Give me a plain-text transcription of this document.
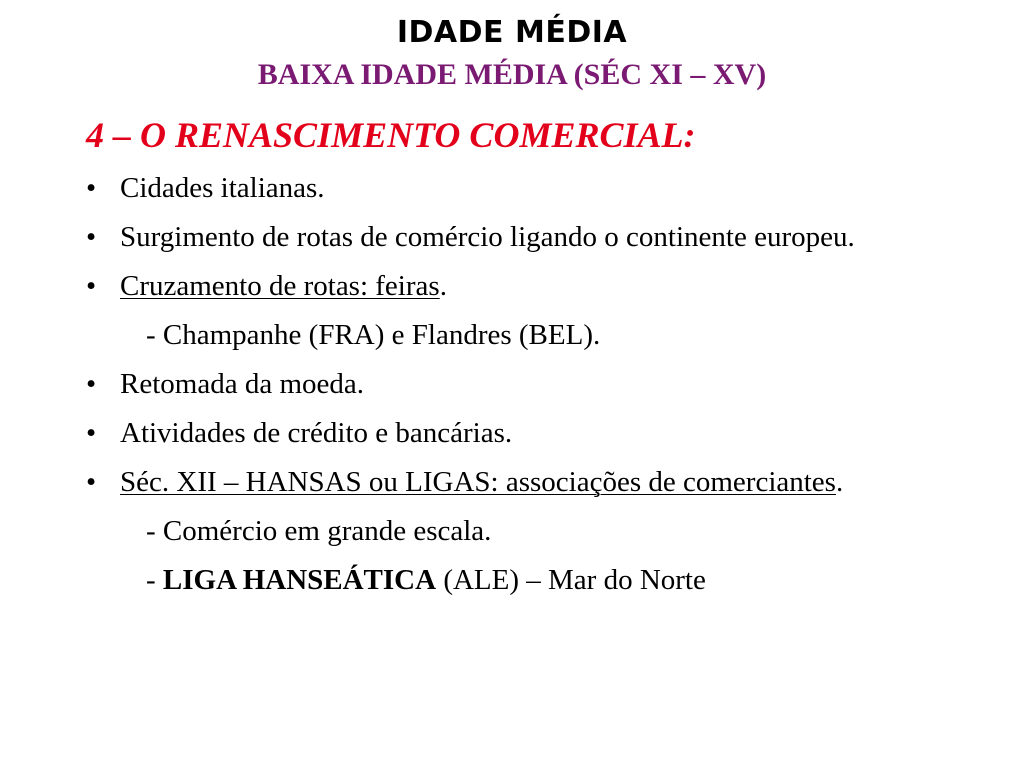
IDADE MÉDIA
BAIXA IDADE MÉDIA (SÉC XI – XV)
4 – O RENASCIMENTO COMERCIAL:
• Cidades italianas.
• Surgimento de rotas de comércio ligando o continente europeu.
• Cruzamento de rotas: feiras.
- Champanhe (FRA) e Flandres (BEL).
• Retomada da moeda.
• Atividades de crédito e bancárias.
• Séc. XII – HANSAS ou LIGAS: associações de comerciantes.
- Comércio em grande escala.
- LIGA HANSEÁTICA (ALE) – Mar do Norte
